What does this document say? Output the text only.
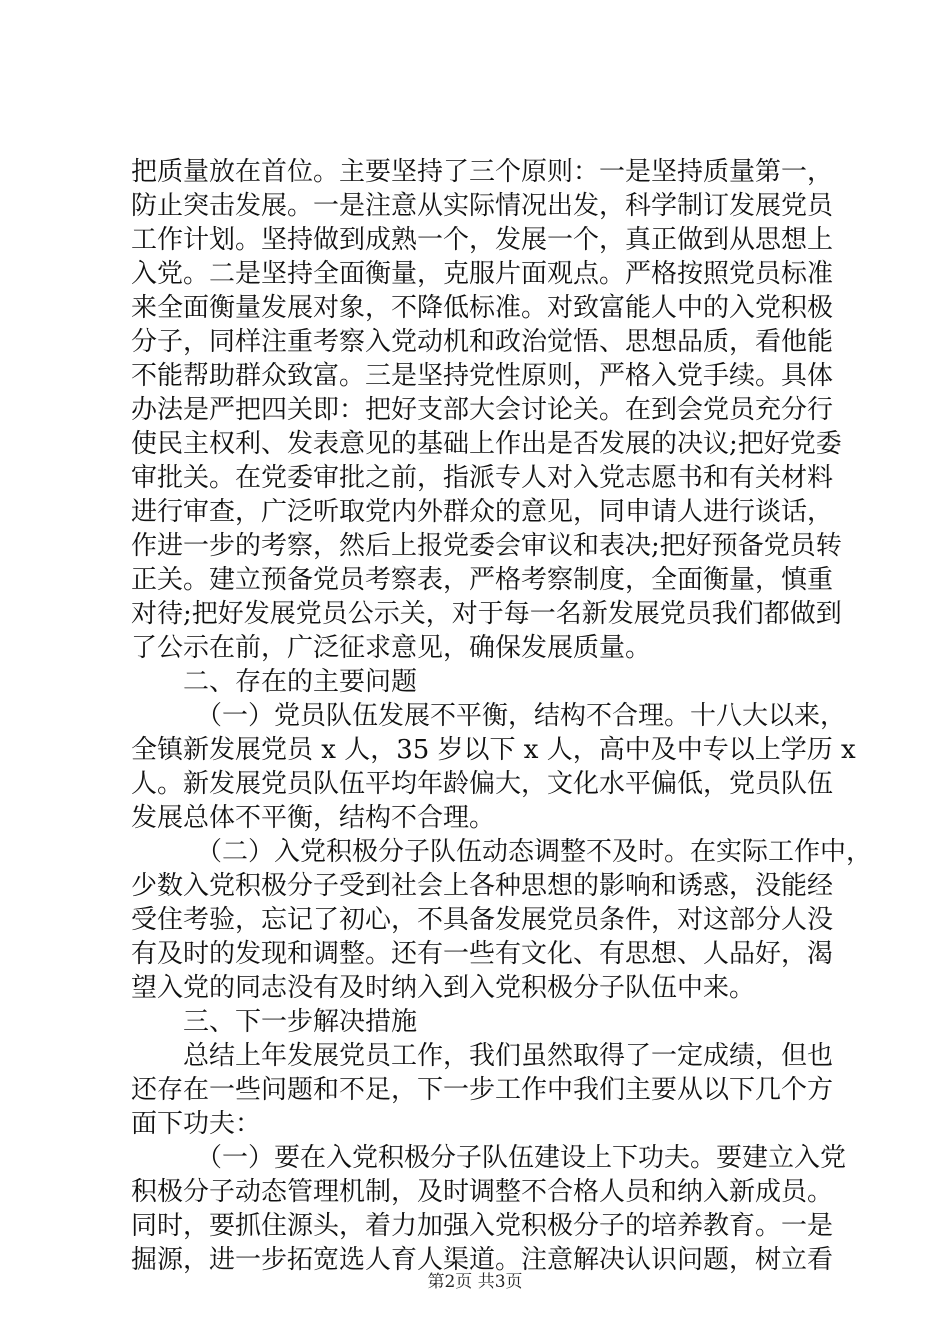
把质量放在首位。主要坚持了三个原则：一是坚持质量第一，
防止突击发展。一是注意从实际情况出发，科学制订发展党员
工作计划。坚持做到成熟一个，发展一个，真正做到从思想上
入党。二是坚持全面衡量，克服片面观点。严格按照党员标准
来全面衡量发展对象，不降低标准。对致富能人中的入党积极
分子，同样注重考察入党动机和政治觉悟、思想品质，看他能
不能帮助群众致富。三是坚持党性原则，严格入党手续。具体
办法是严把四关即：把好支部大会讨论关。在到会党员充分行
使民主权利、发表意见的基础上作出是否发展的决议;把好党委
审批关。在党委审批之前，指派专人对入党志愿书和有关材料
进行审查，广泛听取党内外群众的意见，同申请人进行谈话，
作进一步的考察，然后上报党委会审议和表决;把好预备党员转
正关。建立预备党员考察表，严格考察制度，全面衡量，慎重
对待;把好发展党员公示关，对于每一名新发展党员我们都做到
了公示在前，广泛征求意见，确保发展质量。
二、存在的主要问题
（一）党员队伍发展不平衡，结构不合理。十八大以来，
全镇新发展党员 x 人，35 岁以下 x 人，高中及中专以上学历 x
人。新发展党员队伍平均年龄偏大，文化水平偏低，党员队伍
发展总体不平衡，结构不合理。
（二）入党积极分子队伍动态调整不及时。在实际工作中，
少数入党积极分子受到社会上各种思想的影响和诱惑，没能经
受住考验，忘记了初心，不具备发展党员条件，对这部分人没
有及时的发现和调整。还有一些有文化、有思想、人品好，渴
望入党的同志没有及时纳入到入党积极分子队伍中来。
三、下一步解决措施
总结上年发展党员工作，我们虽然取得了一定成绩，但也
还存在一些问题和不足，下一步工作中我们主要从以下几个方
面下功夫：
（一）要在入党积极分子队伍建设上下功夫。要建立入党
积极分子动态管理机制，及时调整不合格人员和纳入新成员。
同时，要抓住源头，着力加强入党积极分子的培养教育。一是
掘源，进一步拓宽选人育人渠道。注意解决认识问题，树立看
第2页 共3页
